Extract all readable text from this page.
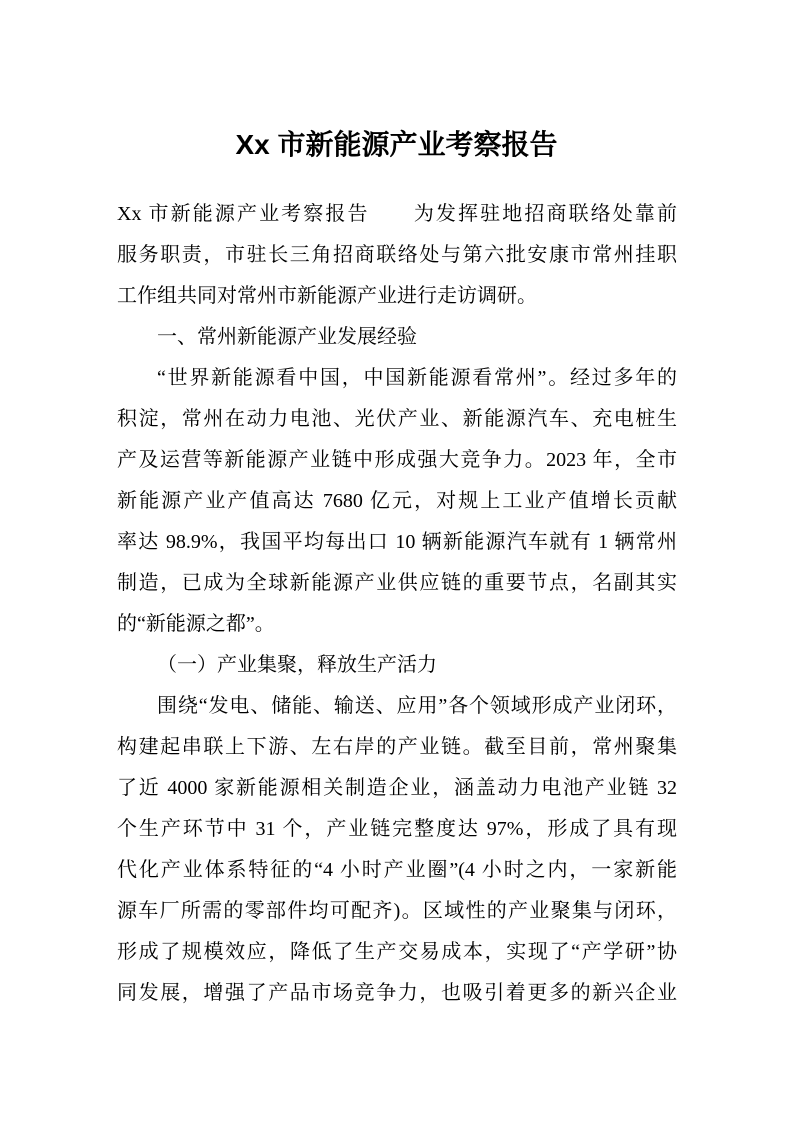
Xx 市新能源产业考察报告
Xx 市新能源产业考察报告　　为发挥驻地招商联络处靠前
服务职责，市驻长三角招商联络处与第六批安康市常州挂职
工作组共同对常州市新能源产业进行走访调研。
一、常州新能源产业发展经验
“世界新能源看中国，中国新能源看常州”。经过多年的
积淀，常州在动力电池、光伏产业、新能源汽车、充电桩生
产及运营等新能源产业链中形成强大竞争力。2023 年，全市
新能源产业产值高达 7680 亿元，对规上工业产值增长贡献
率达 98.9%，我国平均每出口 10 辆新能源汽车就有 1 辆常州
制造，已成为全球新能源产业供应链的重要节点，名副其实
的“新能源之都”。
（一）产业集聚，释放生产活力
围绕“发电、储能、输送、应用”各个领域形成产业闭环，
构建起串联上下游、左右岸的产业链。截至目前，常州聚集
了近 4000 家新能源相关制造企业，涵盖动力电池产业链 32
个生产环节中 31 个，产业链完整度达 97%，形成了具有现
代化产业体系特征的“4 小时产业圈”(4 小时之内，一家新能
源车厂所需的零部件均可配齐)。区域性的产业聚集与闭环，
形成了规模效应，降低了生产交易成本，实现了“产学研”协
同发展，增强了产品市场竞争力，也吸引着更多的新兴企业
